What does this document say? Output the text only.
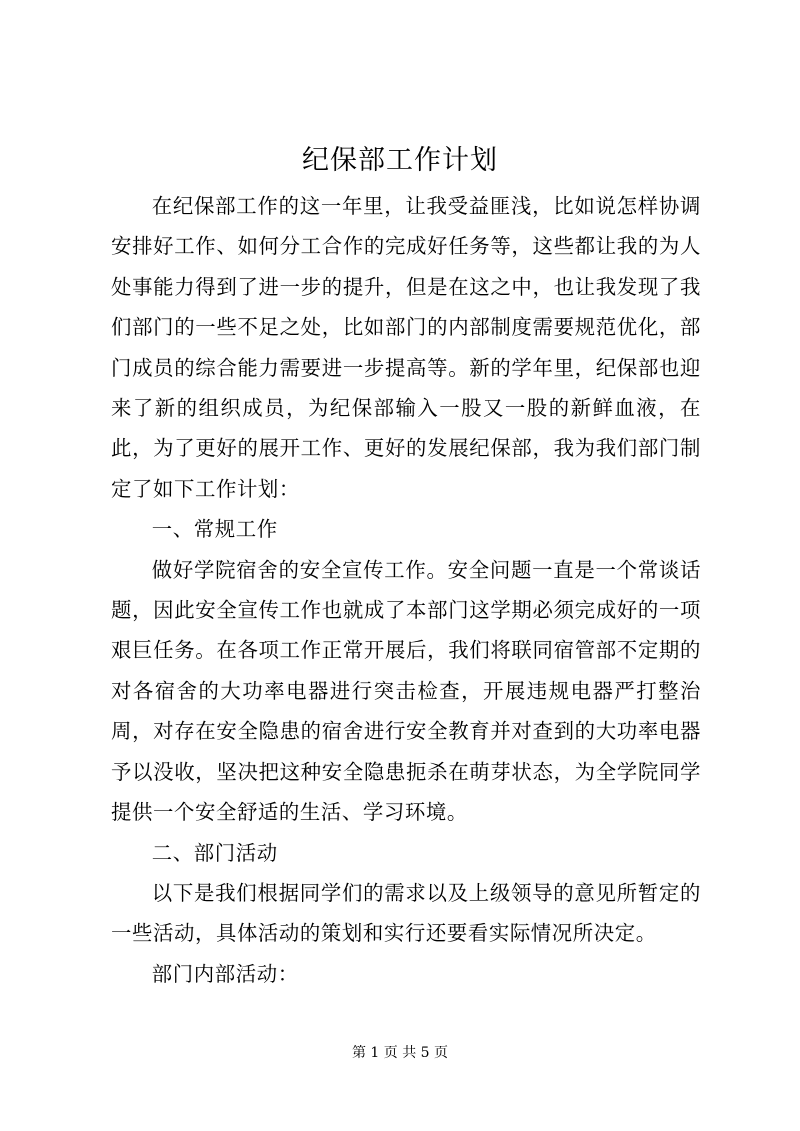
纪保部工作计划

在纪保部工作的这一年里，让我受益匪浅，比如说怎样协调安排好工作、如何分工合作的完成好任务等，这些都让我的为人处事能力得到了进一步的提升，但是在这之中，也让我发现了我们部门的一些不足之处，比如部门的内部制度需要规范优化，部门成员的综合能力需要进一步提高等。新的学年里，纪保部也迎来了新的组织成员，为纪保部输入一股又一股的新鲜血液，在此，为了更好的展开工作、更好的发展纪保部，我为我们部门制定了如下工作计划：

一、常规工作

做好学院宿舍的安全宣传工作。安全问题一直是一个常谈话题，因此安全宣传工作也就成了本部门这学期必须完成好的一项艰巨任务。在各项工作正常开展后，我们将联同宿管部不定期的对各宿舍的大功率电器进行突击检查，开展违规电器严打整治周，对存在安全隐患的宿舍进行安全教育并对查到的大功率电器予以没收，坚决把这种安全隐患扼杀在萌芽状态，为全学院同学提供一个安全舒适的生活、学习环境。

二、部门活动

以下是我们根据同学们的需求以及上级领导的意见所暂定的一些活动，具体活动的策划和实行还要看实际情况所决定。

部门内部活动：

第 1 页 共 5 页
